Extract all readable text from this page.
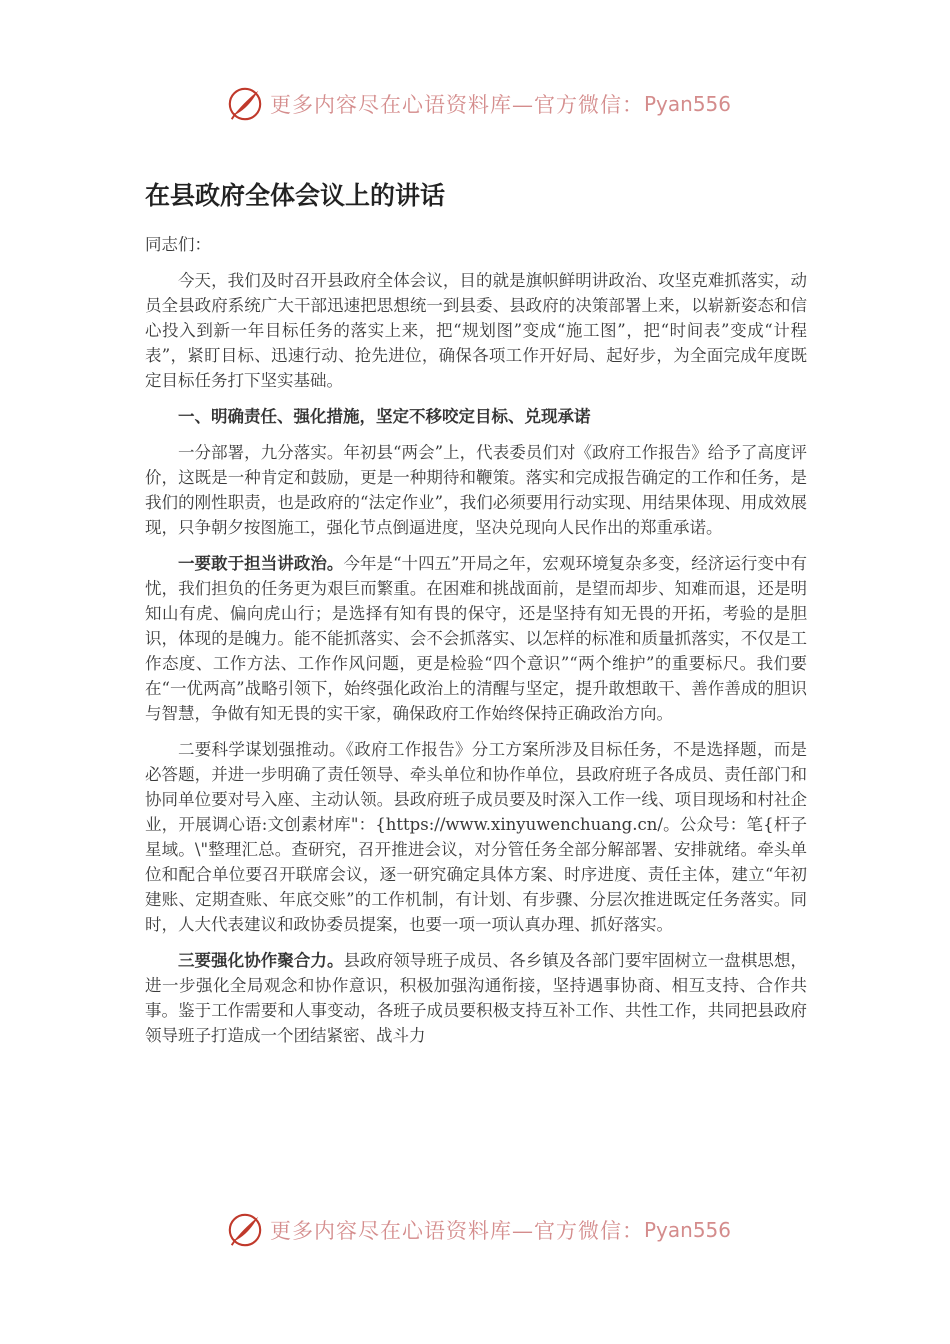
更多内容尽在心语资料库—官方微信： Pyan556
在县政府全体会议上的讲话

同志们：

今天，我们及时召开县政府全体会议，目的就是旗帜鲜明讲政治、攻坚克难抓落实，动员全县政府系统广大干部迅速把思想统一到县委、县政府的决策部署上来，以崭新姿态和信心投入到新一年目标任务的落实上来，把“规划图”变成“施工图”，把“时间表”变成“计程表”，紧盯目标、迅速行动、抢先进位，确保各项工作开好局、起好步，为全面完成年度既定目标任务打下坚实基础。

一、明确责任、强化措施，坚定不移咬定目标、兑现承诺

一分部署，九分落实。年初县“两会”上，代表委员们对《政府工作报告》给予了高度评价，这既是一种肯定和鼓励，更是一种期待和鞭策。落实和完成报告确定的工作和任务，是我们的刚性职责，也是政府的“法定作业”，我们必须要用行动实现、用结果体现、用成效展现，只争朝夕按图施工，强化节点倒逼进度，坚决兑现向人民作出的郑重承诺。

一要敢于担当讲政治。今年是“十四五”开局之年，宏观环境复杂多变，经济运行变中有忧，我们担负的任务更为艰巨而繁重。在困难和挑战面前，是望而却步、知难而退，还是明知山有虎、偏向虎山行；是选择有知有畏的保守，还是坚持有知无畏的开拓，考验的是胆识，体现的是魄力。能不能抓落实、会不会抓落实、以怎样的标准和质量抓落实，不仅是工作态度、工作方法、工作作风问题，更是检验“四个意识”“两个维护”的重要标尺。我们要在“一优两高”战略引领下，始终强化政治上的清醒与坚定，提升敢想敢干、善作善成的胆识与智慧，争做有知无畏的实干家，确保政府工作始终保持正确政治方向。

二要科学谋划强推动。《政府工作报告》分工方案所涉及目标任务，不是选择题，而是必答题，并进一步明确了责任领导、牵头单位和协作单位，县政府班子各成员、责任部门和协同单位要对号入座、主动认领。县政府班子成员要及时深入工作一线、项目现场和村社企业，开展调心语:文创素材库"：{https://www.xinyuwenchuang.cn/。公众号：笔{杆子星域。\"整理汇总。查研究，召开推进会议，对分管任务全部分解部署、安排就绪。牵头单位和配合单位要召开联席会议，逐一研究确定具体方案、时序进度、责任主体，建立“年初建账、定期查账、年底交账”的工作机制，有计划、有步骤、分层次推进既定任务落实。同时，人大代表建议和政协委员提案，也要一项一项认真办理、抓好落实。

三要强化协作聚合力。县政府领导班子成员、各乡镇及各部门要牢固树立一盘棋思想，进一步强化全局观念和协作意识，积极加强沟通衔接，坚持遇事协商、相互支持、合作共事。鉴于工作需要和人事变动，各班子成员要积极支持互补工作、共性工作，共同把县政府领导班子打造成一个团结紧密、战斗力

更多内容尽在心语资料库—官方微信： Pyan556
